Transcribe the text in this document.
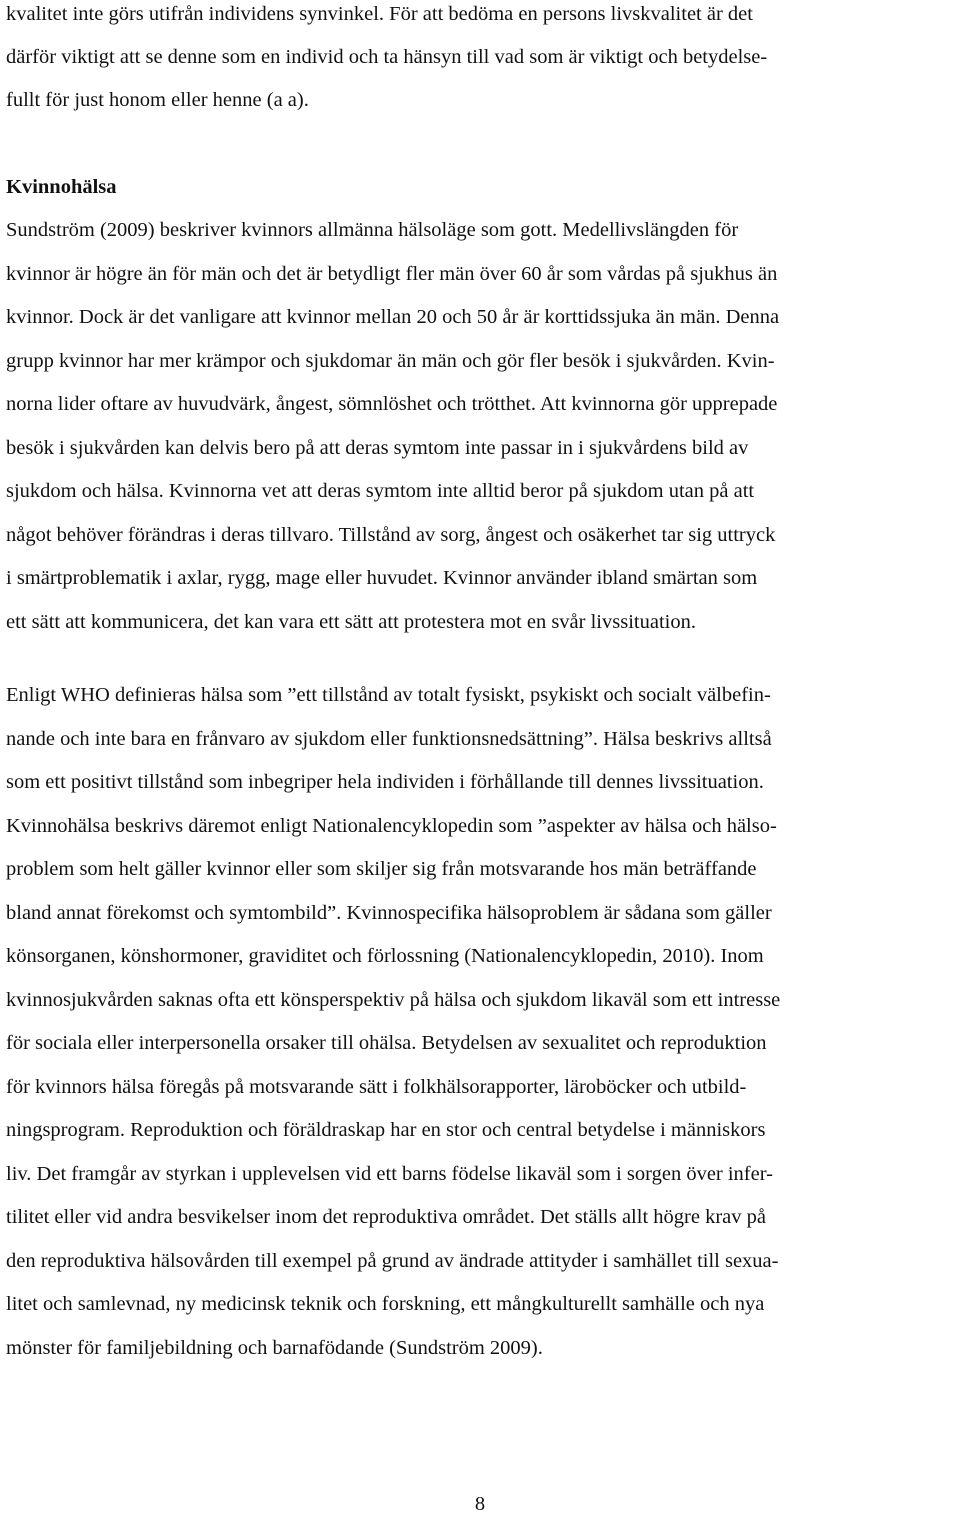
kvalitet inte görs utifrån individens synvinkel. För att bedöma en persons livskvalitet är det
därför viktigt att se denne som en individ och ta hänsyn till vad som är viktigt och betydelse-
fullt för just honom eller henne (a a).
Kvinnohälsa
Sundström (2009) beskriver kvinnors allmänna hälsoläge som gott. Medellivslängden för
kvinnor är högre än för män och det är betydligt fler män över 60 år som vårdas på sjukhus än
kvinnor. Dock är det vanligare att kvinnor mellan 20 och 50 år är korttidssjuka än män. Denna
grupp kvinnor har mer krämpor och sjukdomar än män och gör fler besök i sjukvården. Kvin-
norna lider oftare av huvudvärk, ångest, sömnlöshet och trötthet. Att kvinnorna gör upprepade
besök i sjukvården kan delvis bero på att deras symtom inte passar in i sjukvårdens bild av
sjukdom och hälsa. Kvinnorna vet att deras symtom inte alltid beror på sjukdom utan på att
något behöver förändras i deras tillvaro. Tillstånd av sorg, ångest och osäkerhet tar sig uttryck
i smärtproblematik i axlar, rygg, mage eller huvudet. Kvinnor använder ibland smärtan som
ett sätt att kommunicera, det kan vara ett sätt att protestera mot en svår livssituation.
Enligt WHO definieras hälsa som ”ett tillstånd av totalt fysiskt, psykiskt och socialt välbefin-
nande och inte bara en frånvaro av sjukdom eller funktionsnedsättning”. Hälsa beskrivs alltså
som ett positivt tillstånd som inbegriper hela individen i förhållande till dennes livssituation.
Kvinnohälsa beskrivs däremot enligt Nationalencyklopedin som ”aspekter av hälsa och hälso-
problem som helt gäller kvinnor eller som skiljer sig från motsvarande hos män beträffande
bland annat förekomst och symtombild”. Kvinnospecifika hälsoproblem är sådana som gäller
könsorganen, könshormoner, graviditet och förlossning (Nationalencyklopedin, 2010). Inom
kvinnosjukvården saknas ofta ett könsperspektiv på hälsa och sjukdom likaväl som ett intresse
för sociala eller interpersonella orsaker till ohälsa. Betydelsen av sexualitet och reproduktion
för kvinnors hälsa föregås på motsvarande sätt i folkhälsorapporter, läroböcker och utbild-
ningsprogram. Reproduktion och föräldraskap har en stor och central betydelse i människors
liv. Det framgår av styrkan i upplevelsen vid ett barns födelse likaväl som i sorgen över infer-
tilitet eller vid andra besvikelser inom det reproduktiva området. Det ställs allt högre krav på
den reproduktiva hälsovården till exempel på grund av ändrade attityder i samhället till sexua-
litet och samlevnad, ny medicinsk teknik och forskning, ett mångkulturellt samhälle och nya
mönster för familjebildning och barnafödande (Sundström 2009).
8
